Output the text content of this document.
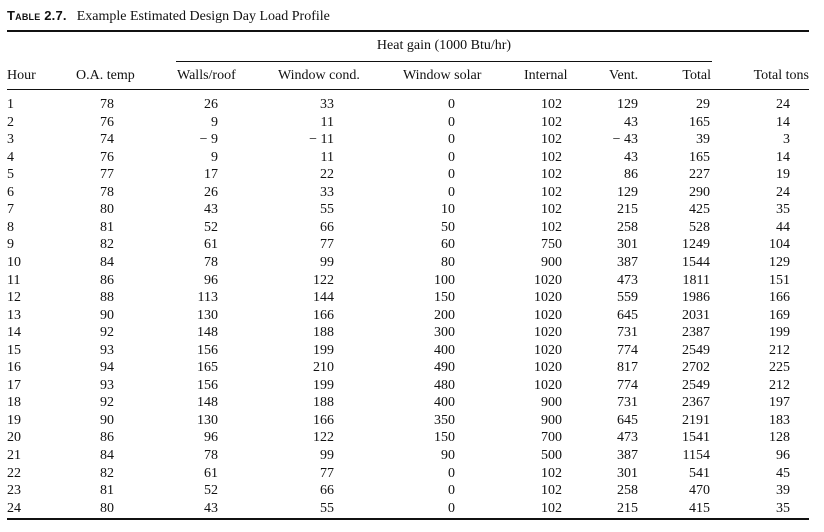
Table 2.7. Example Estimated Design Day Load Profile
Heat gain (1000 Btu/hr)
Hour	O.A. temp	Walls/roof	Window cond.	Window solar	Internal	Vent.	Total	Total tons
1	78	26	33	0	102	129	29	24
2	76	9	11	0	102	43	165	14
3	74	− 9	− 11	0	102	− 43	39	3
4	76	9	11	0	102	43	165	14
5	77	17	22	0	102	86	227	19
6	78	26	33	0	102	129	290	24
7	80	43	55	10	102	215	425	35
8	81	52	66	50	102	258	528	44
9	82	61	77	60	750	301	1249	104
10	84	78	99	80	900	387	1544	129
11	86	96	122	100	1020	473	1811	151
12	88	113	144	150	1020	559	1986	166
13	90	130	166	200	1020	645	2031	169
14	92	148	188	300	1020	731	2387	199
15	93	156	199	400	1020	774	2549	212
16	94	165	210	490	1020	817	2702	225
17	93	156	199	480	1020	774	2549	212
18	92	148	188	400	900	731	2367	197
19	90	130	166	350	900	645	2191	183
20	86	96	122	150	700	473	1541	128
21	84	78	99	90	500	387	1154	96
22	82	61	77	0	102	301	541	45
23	81	52	66	0	102	258	470	39
24	80	43	55	0	102	215	415	35
